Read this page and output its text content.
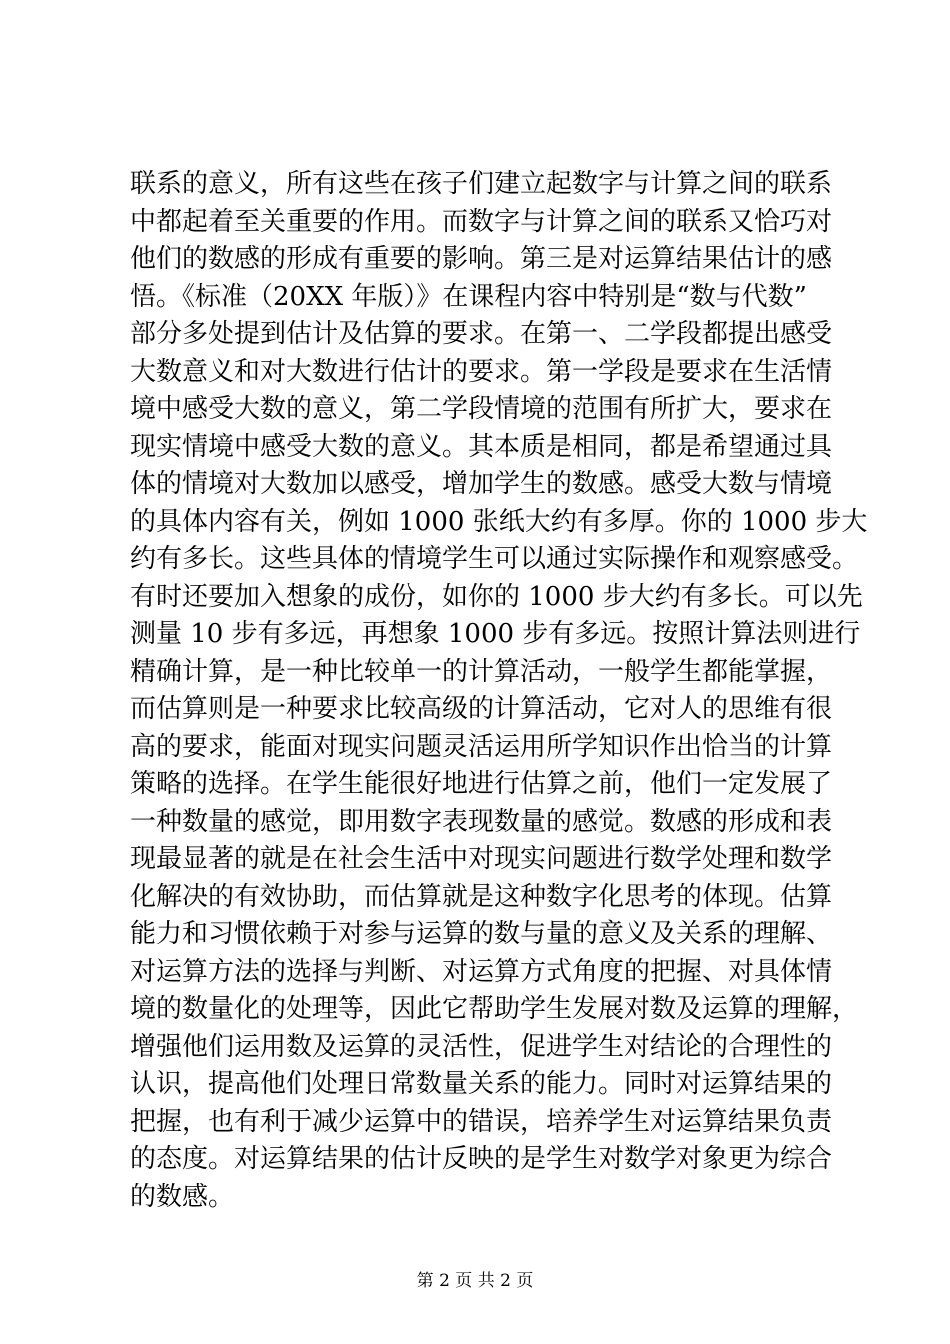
联系的意义，所有这些在孩子们建立起数字与计算之间的联系
中都起着至关重要的作用。而数字与计算之间的联系又恰巧对
他们的数感的形成有重要的影响。第三是对运算结果估计的感
悟。《标准（20XX 年版）》在课程内容中特别是“数与代数”
部分多处提到估计及估算的要求。在第一、二学段都提出感受
大数意义和对大数进行估计的要求。第一学段是要求在生活情
境中感受大数的意义，第二学段情境的范围有所扩大，要求在
现实情境中感受大数的意义。其本质是相同，都是希望通过具
体的情境对大数加以感受，增加学生的数感。感受大数与情境
的具体内容有关，例如 1000 张纸大约有多厚。你的 1000 步大
约有多长。这些具体的情境学生可以通过实际操作和观察感受。
有时还要加入想象的成份，如你的 1000 步大约有多长。可以先
测量 10 步有多远，再想象 1000 步有多远。按照计算法则进行
精确计算，是一种比较单一的计算活动，一般学生都能掌握，
而估算则是一种要求比较高级的计算活动，它对人的思维有很
高的要求，能面对现实问题灵活运用所学知识作出恰当的计算
策略的选择。在学生能很好地进行估算之前，他们一定发展了
一种数量的感觉，即用数字表现数量的感觉。数感的形成和表
现最显著的就是在社会生活中对现实问题进行数学处理和数学
化解决的有效协助，而估算就是这种数字化思考的体现。估算
能力和习惯依赖于对参与运算的数与量的意义及关系的理解、
对运算方法的选择与判断、对运算方式角度的把握、对具体情
境的数量化的处理等，因此它帮助学生发展对数及运算的理解，
增强他们运用数及运算的灵活性，促进学生对结论的合理性的
认识，提高他们处理日常数量关系的能力。同时对运算结果的
把握，也有利于减少运算中的错误，培养学生对运算结果负责
的态度。对运算结果的估计反映的是学生对数学对象更为综合
的数感。
第 2 页 共 2 页
